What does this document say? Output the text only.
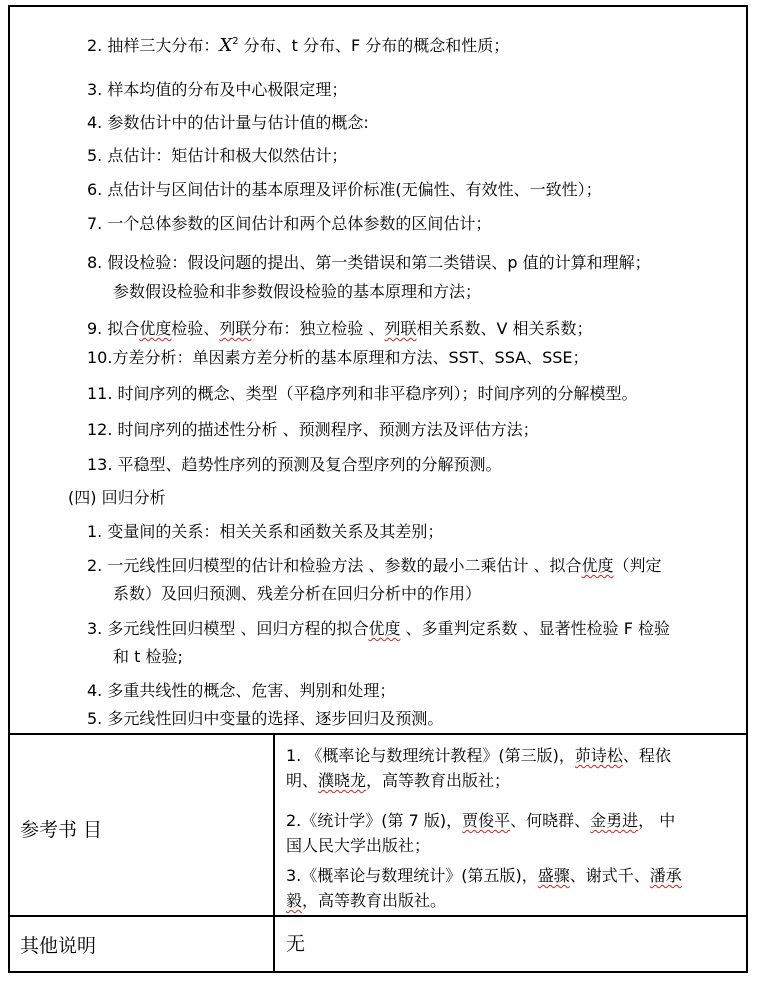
2. 抽样三大分布：$X^2$ 分布、t 分布、F 分布的概念和性质；
3. 样本均值的分布及中心极限定理；
4. 参数估计中的估计量与估计值的概念:
5. 点估计：矩估计和极大似然估计；
6. 点估计与区间估计的基本原理及评价标准(无偏性、有效性、一致性）；
7. 一个总体参数的区间估计和两个总体参数的区间估计；
8. 假设检验：假设问题的提出、第一类错误和第二类错误、p 值的计算和理解；
参数假设检验和非参数假设检验的基本原理和方法；
9. 拟合优度检验、列联分布：独立检验 、列联相关系数、V 相关系数；
10.方差分析：单因素方差分析的基本原理和方法、SST、SSA、SSE；
11. 时间序列的概念、类型（平稳序列和非平稳序列）；时间序列的分解模型。
12. 时间序列的描述性分析 、预测程序、预测方法及评估方法；
13. 平稳型、趋势性序列的预测及复合型序列的分解预测。
(四) 回归分析
1. 变量间的关系：相关关系和函数关系及其差别；
2. 一元线性回归模型的估计和检验方法 、参数的最小二乘估计 、拟合优度（判定
系数）及回归预测、残差分析在回归分析中的作用）
3. 多元线性回归模型 、回归方程的拟合优度 、多重判定系数 、显著性检验 F 检验
和 t 检验;
4. 多重共线性的概念、危害、判别和处理；
5. 多元线性回归中变量的选择、逐步回归及预测。
参考书 目
1. 《概率论与数理统计教程》(第三版)，茆诗松、程依
明、濮晓龙，高等教育出版社；
2.《统计学》(第 7 版)，贾俊平、何晓群、金勇进， 中
国人民大学出版社；
3.《概率论与数理统计》(第五版)，盛骤、谢式千、潘承
毅，高等教育出版社。
其他说明	无
